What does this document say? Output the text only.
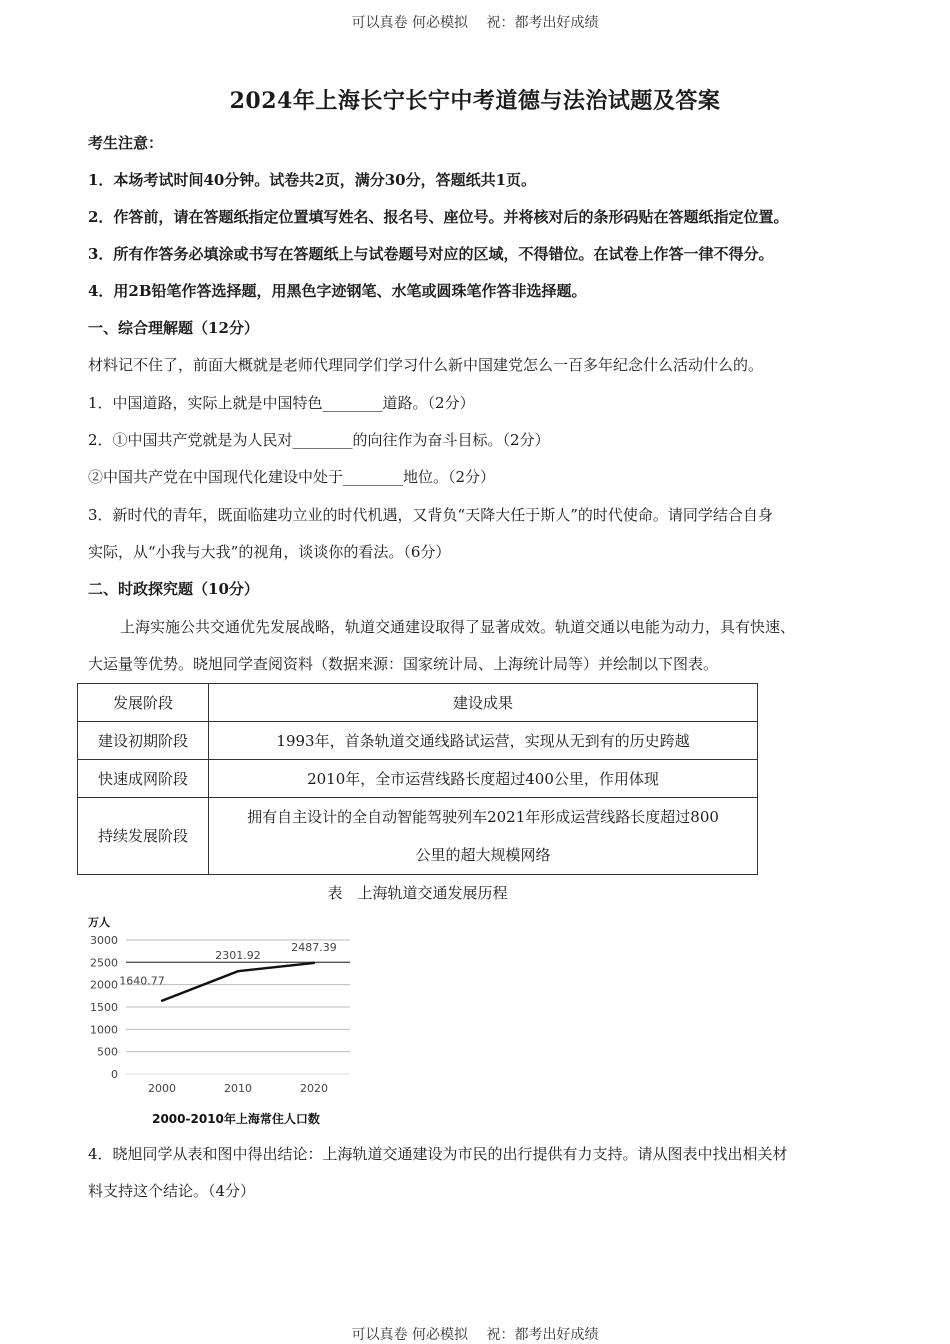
可以真卷 何必模拟　 祝：都考出好成绩
2024年上海长宁长宁中考道德与法治试题及答案
考生注意：
1．本场考试时间40分钟。试卷共2页，满分30分，答题纸共1页。
2．作答前，请在答题纸指定位置填写姓名、报名号、座位号。并将核对后的条形码贴在答题纸指定位置。
3．所有作答务必填涂或书写在答题纸上与试卷题号对应的区域，不得错位。在试卷上作答一律不得分。
4．用2B铅笔作答选择题，用黑色字迹钢笔、水笔或圆珠笔作答非选择题。
一、综合理解题（12分）
材料记不住了，前面大概就是老师代理同学们学习什么新中国建党怎么一百多年纪念什么活动什么的。
1．中国道路，实际上就是中国特色________道路。（2分）
2．①中国共产党就是为人民对________的向往作为奋斗目标。（2分）
②中国共产党在中国现代化建设中处于________地位。（2分）
3．新时代的青年，既面临建功立业的时代机遇，又背负“天降大任于斯人”的时代使命。请同学结合自身
实际，从“小我与大我”的视角，谈谈你的看法。（6分）
二、时政探究题（10分）
上海实施公共交通优先发展战略，轨道交通建设取得了显著成效。轨道交通以电能为动力，具有快速、
大运量等优势。晓旭同学查阅资料（数据来源：国家统计局、上海统计局等）并绘制以下图表。
发展阶段	建设成果
建设初期阶段	1993年，首条轨道交通线路试运营，实现从无到有的历史跨越
快速成网阶段	2010年，全市运营线路长度超过400公里，作用体现
持续发展阶段	拥有自主设计的全自动智能驾驶列车2021年形成运营线路长度超过800
公里的超大规模网络
表　上海轨道交通发展历程
万人
3000
2500
2000
1500
1000
500
0
2000	2010	2020
1640.77
2301.92
2487.39
2000-2010年上海常住人口数
4．晓旭同学从表和图中得出结论：上海轨道交通建设为市民的出行提供有力支持。请从图表中找出相关材
料支持这个结论。（4分）
可以真卷 何必模拟　 祝：都考出好成绩
